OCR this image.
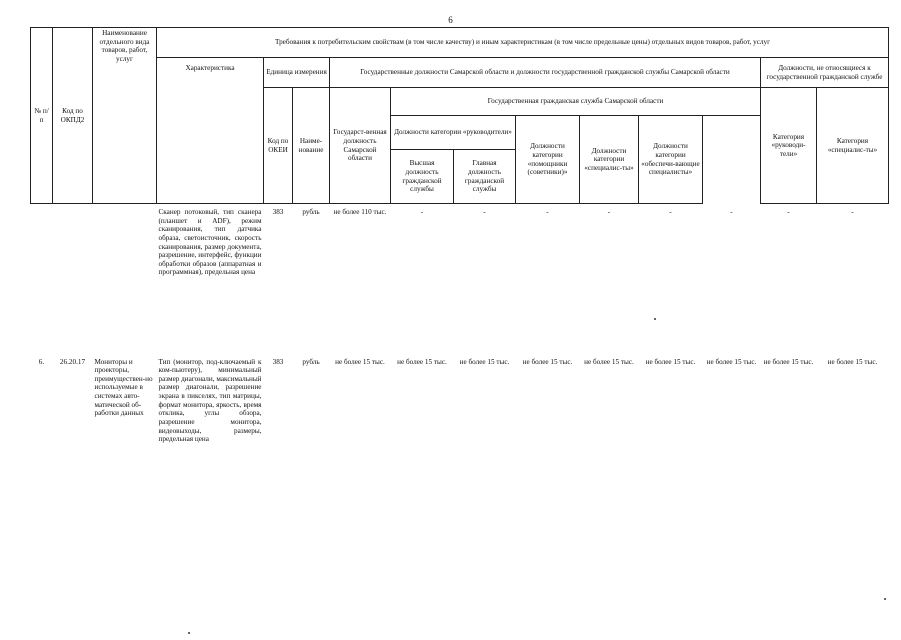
6
№ п/п	Код по ОКПД2	Наименование отдельного вида товаров, работ, услуг	Требования к потребительским свойствам (в том числе качеству) и иным характеристикам (в том числе предельные цены) отдельных видов товаров, работ, услуг												
			Характеристика	Единица измерения		Государственные должности Самарской области и должности государственной гражданской службы Самарской области							Должности, не относящиеся к государственной гражданской службе		
				Код по ОКЕИ	Наиме-нование	Государст-венная должность Самарской области	Государственная гражданская служба Самарской области						Категория «руководи-тели»	Категория «специалис-ты»	
							Должности категории «руководители»		Должности категории «помощники (советники)»	Должности категории «специалис-ты»	Должности категории «обеспечи-вающие специалисты»				
							Высшая должность гражданской службы	Главная должность гражданской службы							
			Сканер потоковый, тип сканера (планшет и ADF), режим сканирования, тип датчика образа, светоисточник, скорость сканирования, размер документа, разрешение, интерфейс, функции обработки образов (аппаратная и программная), предельная цена	383	рубль	не более 110 тыс.	-	-	-	-	-	-	-	-	
6.	26.20.17	Мониторы и проекторы, преимуществен-но используемые в системах авто-матической об-работки данных	Тип (монитор, под-ключаемый к ком-пьютеру), минимальный размер диагонали, максимальный размер диагонали, разрешение экрана в пикселях, тип матрицы, формат монитора, яркость, время отклика, углы обзора, разрешение монитора, видеовыходы, размеры, предельная цена	383	рубль	не более 15 тыс.	не более 15 тыс.	не более 15 тыс.	не более 15 тыс.	не более 15 тыс.	не более 15 тыс.	не более 15 тыс.	не более 15 тыс.	не более 15 тыс.	
